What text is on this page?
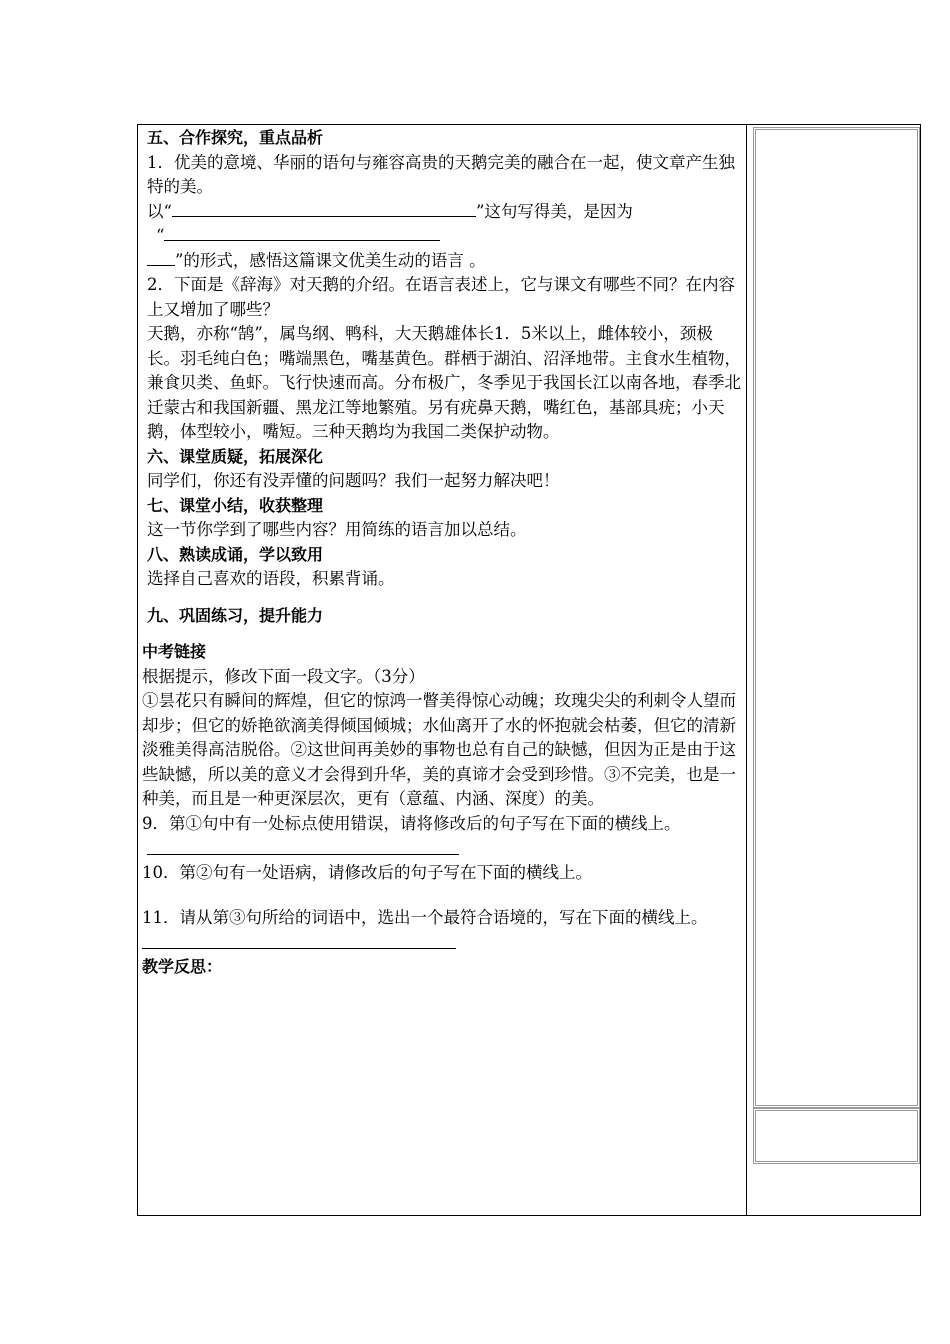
五、合作探究，重点品析

1．优美的意境、华丽的语句与雍容高贵的天鹅完美的融合在一起，使文章产生独特的美。

以“	”这句写得美，是因为

“

”的形式，感悟这篇课文优美生动的语言 。

2．下面是《辞海》对天鹅的介绍。在语言表述上，它与课文有哪些不同？在内容上又增加了哪些？

天鹅，亦称“鹄”，属鸟纲、鸭科，大天鹅雄体长1．5米以上，雌体较小，颈极长。羽毛纯白色；嘴端黑色，嘴基黄色。群栖于湖泊、沼泽地带。主食水生植物，兼食贝类、鱼虾。飞行快速而高。分布极广，冬季见于我国长江以南各地，春季北迁蒙古和我国新疆、黑龙江等地繁殖。另有疣鼻天鹅，嘴红色，基部具疣；小天鹅，体型较小，嘴短。三种天鹅均为我国二类保护动物。

六、课堂质疑，拓展深化

同学们，你还有没弄懂的问题吗？我们一起努力解决吧！

七、课堂小结，收获整理

这一节你学到了哪些内容？用简练的语言加以总结。

八、熟读成诵，学以致用

选择自己喜欢的语段，积累背诵。

九、巩固练习，提升能力

中考链接

根据提示，修改下面一段文字。（3分）

①昙花只有瞬间的辉煌，但它的惊鸿一瞥美得惊心动魄；玫瑰尖尖的利刺令人望而却步；但它的娇艳欲滴美得倾国倾城；水仙离开了水的怀抱就会枯萎，但它的清新淡雅美得高洁脱俗。②这世间再美妙的事物也总有自己的缺憾，但因为正是由于这些缺憾，所以美的意义才会得到升华，美的真谛才会受到珍惜。③不完美，也是一种美，而且是一种更深层次，更有（意蕴、内涵、深度）的美。

9．第①句中有一处标点使用错误，请将修改后的句子写在下面的横线上。

10．第②句有一处语病，请修改后的句子写在下面的横线上。

11．请从第③句所给的词语中，选出一个最符合语境的，写在下面的横线上。

教学反思：
